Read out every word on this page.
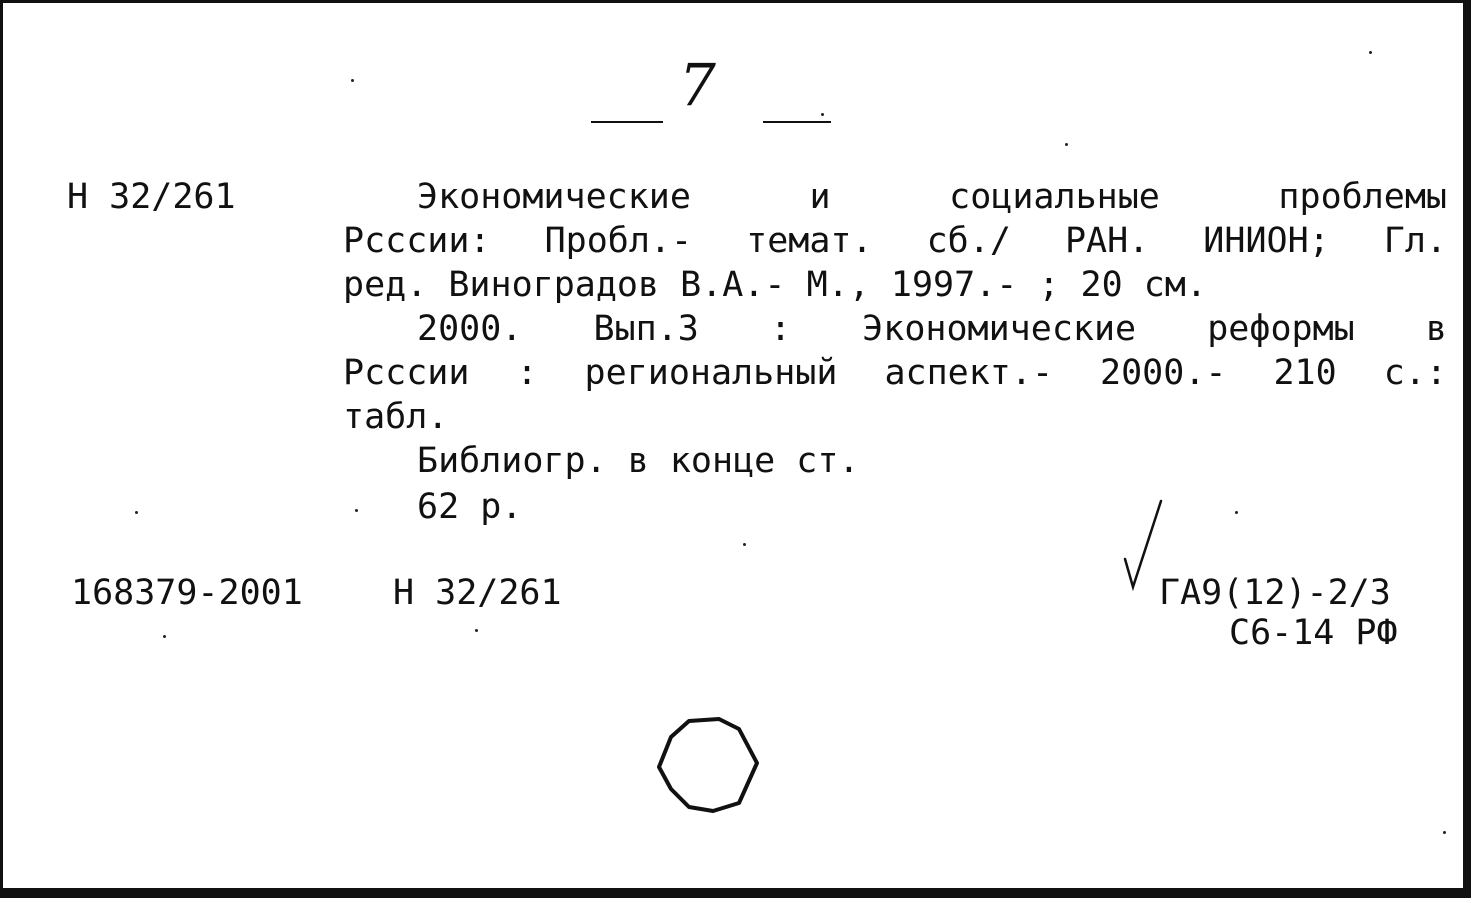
7
Н 32/261	Экономические	и	социальные	проблемы
Рcccии: Пробл.- темат. сб./ РАН. ИНИОН; Гл.
рeд. Виноградов В.А.- М., 1997.- ; 20 см.
2000. Вып.3 : Экономические реформы в
Рcccии : региональный аспект.- 2000.- 210 с.:
табл.
Библиогр. в конце ст.
62 р.
168379-2001	Н 32/261	ГА9(12)-2/3
С6-14 РФ
